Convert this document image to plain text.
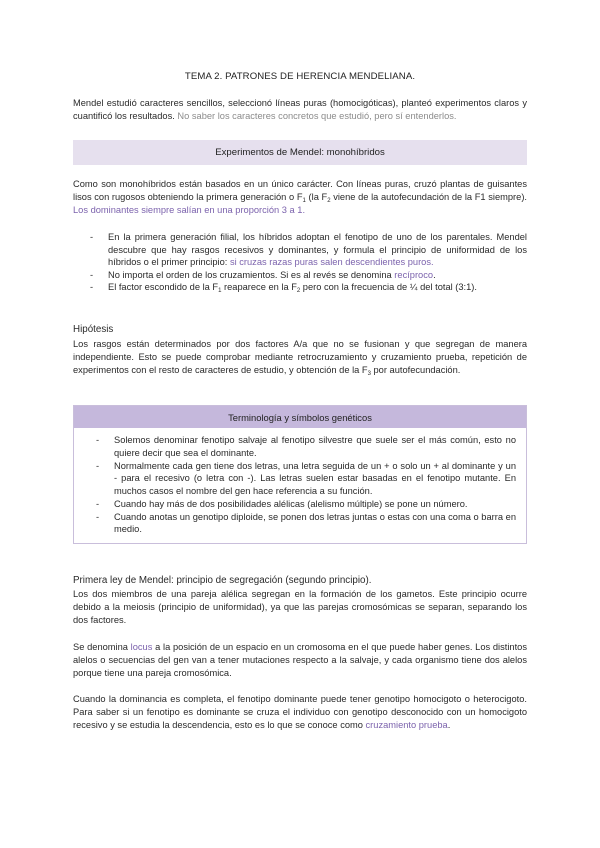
TEMA 2. PATRONES DE HERENCIA MENDELIANA.

Mendel estudió caracteres sencillos, seleccionó líneas puras (homocigóticas), planteó experimentos claros y cuantificó los resultados. No saber los caracteres concretos que estudió, pero sí entenderlos.

Experimentos de Mendel: monohíbridos

Como son monohíbridos están basados en un único carácter. Con líneas puras, cruzó plantas de guisantes lisos con rugosos obteniendo la primera generación o $F_1$ (la $F_2$ viene de la autofecundación de la F1 siempre). Los dominantes siempre salían en una proporción 3 a 1.

- En la primera generación filial, los híbridos adoptan el fenotipo de uno de los parentales. Mendel descubre que hay rasgos recesivos y dominantes, y formula el principio de uniformidad de los híbridos o el primer principio: si cruzas razas puras salen descendientes puros.
- No importa el orden de los cruzamientos. Si es al revés se denomina recíproco.
- El factor escondido de la $F_1$ reaparece en la $F_2$ pero con la frecuencia de ¼ del total (3:1).
Hipótesis

Los rasgos están determinados por dos factores A/a que no se fusionan y que segregan de manera independiente. Esto se puede comprobar mediante retrocruzamiento y cruzamiento prueba, repetición de experimentos con el resto de caracteres de estudio, y obtención de la $F_3$ por autofecundación.

Terminología y símbolos genéticos
- Solemos denominar fenotipo salvaje al fenotipo silvestre que suele ser el más común, esto no quiere decir que sea el dominante.
- Normalmente cada gen tiene dos letras, una letra seguida de un + o solo un + al dominante y un - para el recesivo (o letra con -). Las letras suelen estar basadas en el fenotipo mutante. En muchos casos el nombre del gen hace referencia a su función.
- Cuando hay más de dos posibilidades alélicas (alelismo múltiple) se pone un número.
- Cuando anotas un genotipo diploide, se ponen dos letras juntas o estas con una coma o barra en medio.
Primera ley de Mendel: principio de segregación (segundo principio).

Los dos miembros de una pareja alélica segregan en la formación de los gametos. Este principio ocurre debido a la meiosis (principio de uniformidad), ya que las parejas cromosómicas se separan, separando los dos factores.

Se denomina locus a la posición de un espacio en un cromosoma en el que puede haber genes. Los distintos alelos o secuencias del gen van a tener mutaciones respecto a la salvaje, y cada organismo tiene dos alelos porque tiene una pareja cromosómica.

Cuando la dominancia es completa, el fenotipo dominante puede tener genotipo homocigoto o heterocigoto. Para saber si un fenotipo es dominante se cruza el individuo con genotipo desconocido con un homocigoto recesivo y se estudia la descendencia, esto es lo que se conoce como cruzamiento prueba.
